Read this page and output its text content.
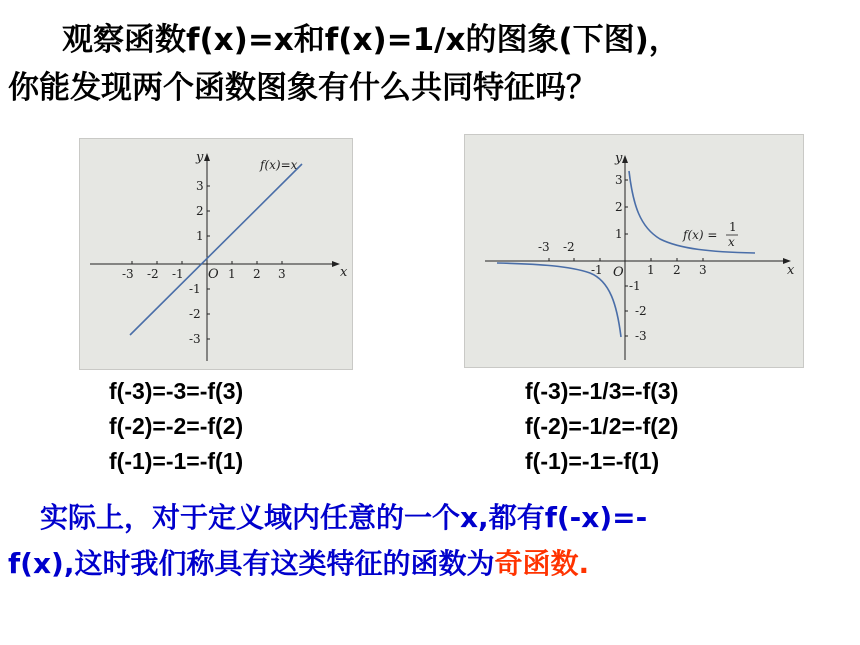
观察函数f(x)=x和f(x)=1/x的图象(下图)，
你能发现两个函数图象有什么共同特征吗？
x
y	f(x)=x
O
-3 -2 -1	1 2 3
3
2
1
-1
-2
-3
x
y
O
f(x) =
1
x
-3 -2
-1	1 2 3
3
2
1
-1
-2
-3
f(-3)=-3=-f(3)
f(-2)=-2=-f(2)
f(-1)=-1=-f(1)
f(-3)=-1/3=-f(3)
f(-2)=-1/2=-f(2)
f(-1)=-1=-f(1)
实际上，对于定义域内任意的一个x,都有f(-x)=-
f(x),这时我们称具有这类特征的函数为奇函数.
